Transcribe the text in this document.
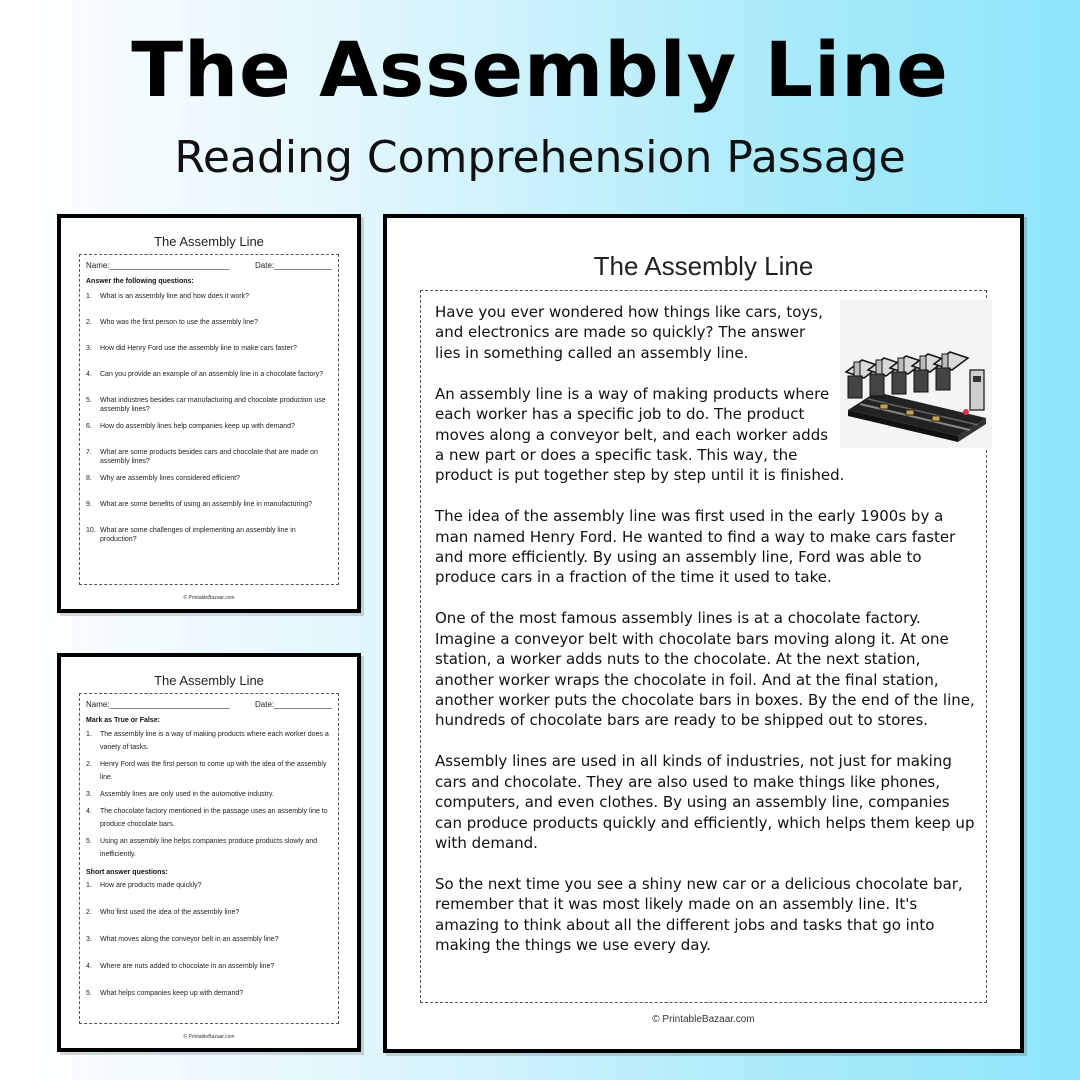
The Assembly Line
Reading Comprehension Passage
The Assembly Line
Name:___________________________	Date:_____________
Answer the following questions:
1.	What is an assembly line and how does it work?
2.	Who was the first person to use the assembly line?
3.	How did Henry Ford use the assembly line to make cars faster?
4.	Can you provide an example of an assembly line in a chocolate factory?
5.	What industries besides car manufacturing and chocolate production use assembly lines?
6.	How do assembly lines help companies keep up with demand?
7.	What are some products besides cars and chocolate that are made on assembly lines?
8.	Why are assembly lines considered efficient?
9.	What are some benefits of using an assembly line in manufacturing?
10. What are some challenges of implementing an assembly line in production?
© PrintableBazaar.com
The Assembly Line
Name:___________________________	Date:_____________
Mark as True or False:
1.	The assembly line is a way of making products where each worker does a variety of tasks.
2.	Henry Ford was the first person to come up with the idea of the assembly line.
3.	Assembly lines are only used in the automotive industry.
4.	The chocolate factory mentioned in the passage uses an assembly line to produce chocolate bars.
5.	Using an assembly line helps companies produce products slowly and inefficiently.
Short answer questions:
1.	How are products made quickly?
2.	Who first used the idea of the assembly line?
3.	What moves along the conveyor belt in an assembly line?
4.	Where are nuts added to chocolate in an assembly line?
5.	What helps companies keep up with demand?
© PrintableBazaar.com
The Assembly Line

Have you ever wondered how things like cars, toys, and electronics are made so quickly? The answer lies in something called an assembly line.

An assembly line is a way of making products where each worker has a specific job to do. The product moves along a conveyor belt, and each worker adds a new part or does a specific task. This way, the product is put together step by step until it is finished.

The idea of the assembly line was first used in the early 1900s by a man named Henry Ford. He wanted to find a way to make cars faster and more efficiently. By using an assembly line, Ford was able to produce cars in a fraction of the time it used to take.

One of the most famous assembly lines is at a chocolate factory. Imagine a conveyor belt with chocolate bars moving along it. At one station, a worker adds nuts to the chocolate. At the next station, another worker wraps the chocolate in foil. And at the final station, another worker puts the chocolate bars in boxes. By the end of the line, hundreds of chocolate bars are ready to be shipped out to stores.

Assembly lines are used in all kinds of industries, not just for making cars and chocolate. They are also used to make things like phones, computers, and even clothes. By using an assembly line, companies can produce products quickly and efficiently, which helps them keep up with demand.

So the next time you see a shiny new car or a delicious chocolate bar, remember that it was most likely made on an assembly line. It's amazing to think about all the different jobs and tasks that go into making the things we use every day.

© PrintableBazaar.com
